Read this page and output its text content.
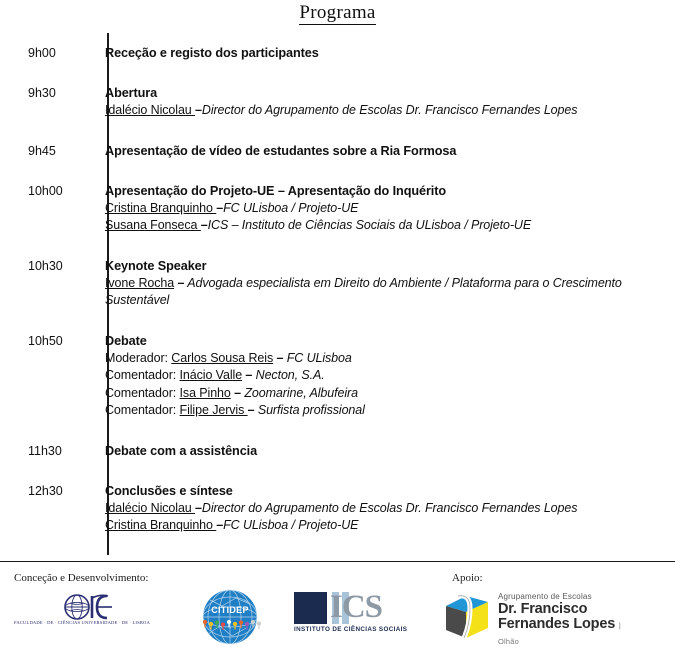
Programa
9h00	Receção e registo dos participantes
9h30	Abertura
Idalécio Nicolau –Director do Agrupamento de Escolas Dr. Francisco Fernandes Lopes
9h45	Apresentação de vídeo de estudantes sobre a Ria Formosa
10h00	Apresentação do Projeto-UE – Apresentação do Inquérito
Cristina Branquinho –FC ULisboa / Projeto-UE
Susana Fonseca –ICS – Instituto de Ciências Sociais da ULisboa / Projeto-UE
10h30	Keynote Speaker
Ivone Rocha – Advogada especialista em Direito do Ambiente / Plataforma para o Crescimento Sustentável
10h50	Debate
Moderador: Carlos Sousa Reis – FC ULisboa
Comentador: Inácio Valle – Necton, S.A.
Comentador: Isa Pinho – Zoomarine, Albufeira
Comentador: Filipe Jervis – Surfista profissional
11h30	Debate com a assistência
12h30	Conclusões e síntese
Idalécio Nicolau –Director do Agrupamento de Escolas Dr. Francisco Fernandes Lopes
Cristina Branquinho –FC ULisboa / Projeto-UE
Conceção e Desenvolvimento:	Apoio:
FACULDADE · DE · CIÊNCIAS UNIVERSIDADE · DE · LISBOA
CITIDEP ICS
INSTITUTO DE CIÊNCIAS SOCIAIS
Agrupamento de Escolas
Dr. Francisco
Fernandes Lopes | Olhão
